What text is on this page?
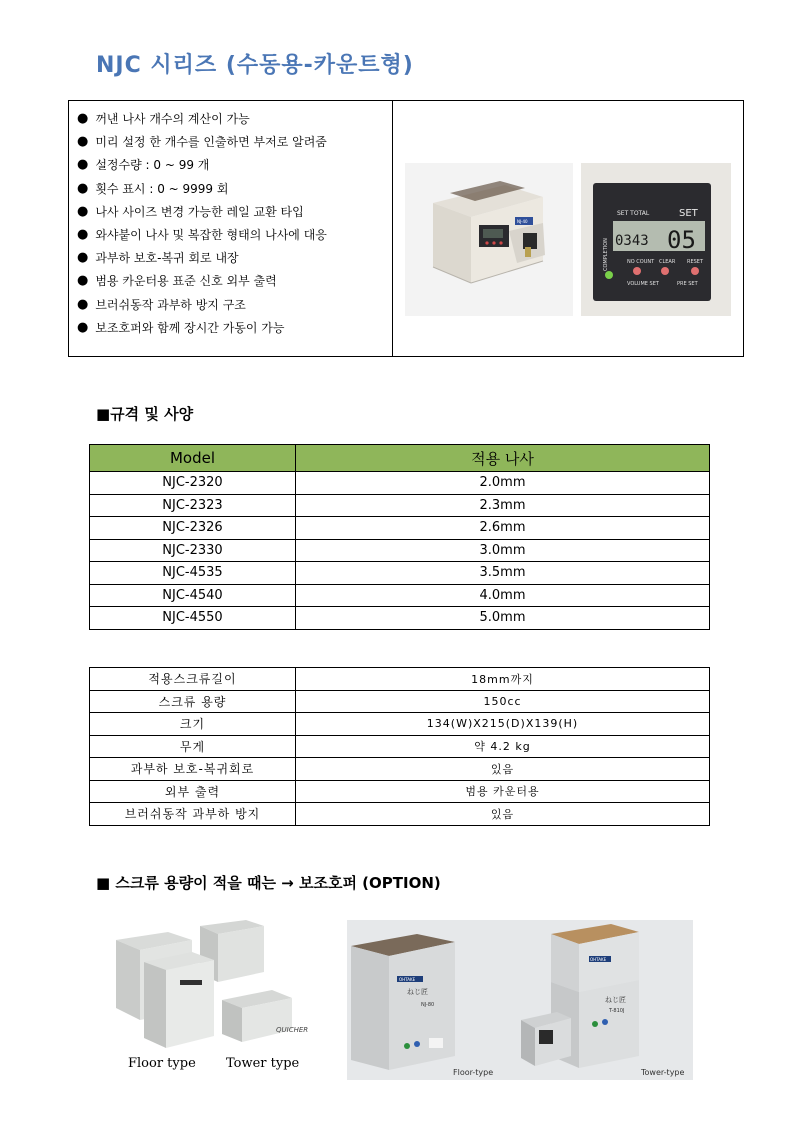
NJC 시리즈 (수동용-카운트형)
● 꺼낸 나사 개수의 계산이 가능
● 미리 설정 한 개수를 인출하면 부저로 알려줌
● 설정수량 : 0 ~ 99 개
● 횟수 표시 : 0 ~ 9999 회
● 나사 사이즈 변경 가능한 레일 교환 타입
● 와샤붙이 나사 및 복잡한 형태의 나사에 대응
● 과부하 보호-복귀 회로 내장
● 범용 카운터용 표준 신호 외부 출력
● 브러쉬동작 과부하 방지 구조
● 보조호퍼와 함께 장시간 가동이 가능
NJ-40
SET TOTAL	SET
0343 05
COMPLETION	NO COUNT CLEAR RESET
VOLUME SET	PRE SET
■규격 및 사양
Model	적용 나사
NJC-2320	2.0mm
NJC-2323	2.3mm
NJC-2326	2.6mm
NJC-2330	3.0mm
NJC-4535	3.5mm
NJC-4540	4.0mm
NJC-4550	5.0mm
적용스크류길이	18mm까지
스크류 용량	150cc
크기	134(W)X215(D)X139(H)
무게	약 4.2 kg
과부하 보호-복귀회로	있음
외부 출력	범용 카운터용
브러쉬동작 과부하 방지	있음
■ 스크류 용량이 적을 때는 → 보조호퍼 (OPTION)
QUICHER
Floor type Tower type
OHTAKE
ねじ匠
NJ-80
OHTAKE
ねじ匠
T-810J
Floor-type	Tower-type
